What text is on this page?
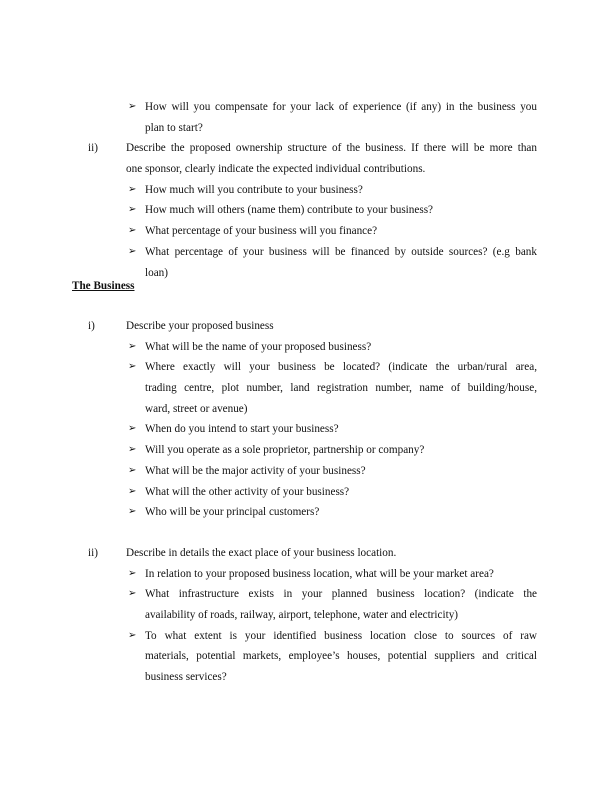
➢ How will you compensate for your lack of experience (if any) in the business you
plan to start?
ii)	Describe the proposed ownership structure of the business. If there will be more than
one sponsor, clearly indicate the expected individual contributions.
➢ How much will you contribute to your business?
➢ How much will others (name them) contribute to your business?
➢ What percentage of your business will you finance?
➢ What percentage of your business will be financed by outside sources? (e.g bank
loan)
The Business
i)	Describe your proposed business
➢ What will be the name of your proposed business?
➢ Where exactly will your business be located? (indicate the urban/rural area,
trading centre, plot number, land registration number, name of building/house,
ward, street or avenue)
➢ When do you intend to start your business?
➢ Will you operate as a sole proprietor, partnership or company?
➢ What will be the major activity of your business?
➢ What will the other activity of your business?
➢ Who will be your principal customers?
ii)	Describe in details the exact place of your business location.
➢ In relation to your proposed business location, what will be your market area?
➢ What infrastructure exists in your planned business location? (indicate the
availability of roads, railway, airport, telephone, water and electricity)
➢ To what extent is your identified business location close to sources of raw
materials, potential markets, employee’s houses, potential suppliers and critical
business services?
